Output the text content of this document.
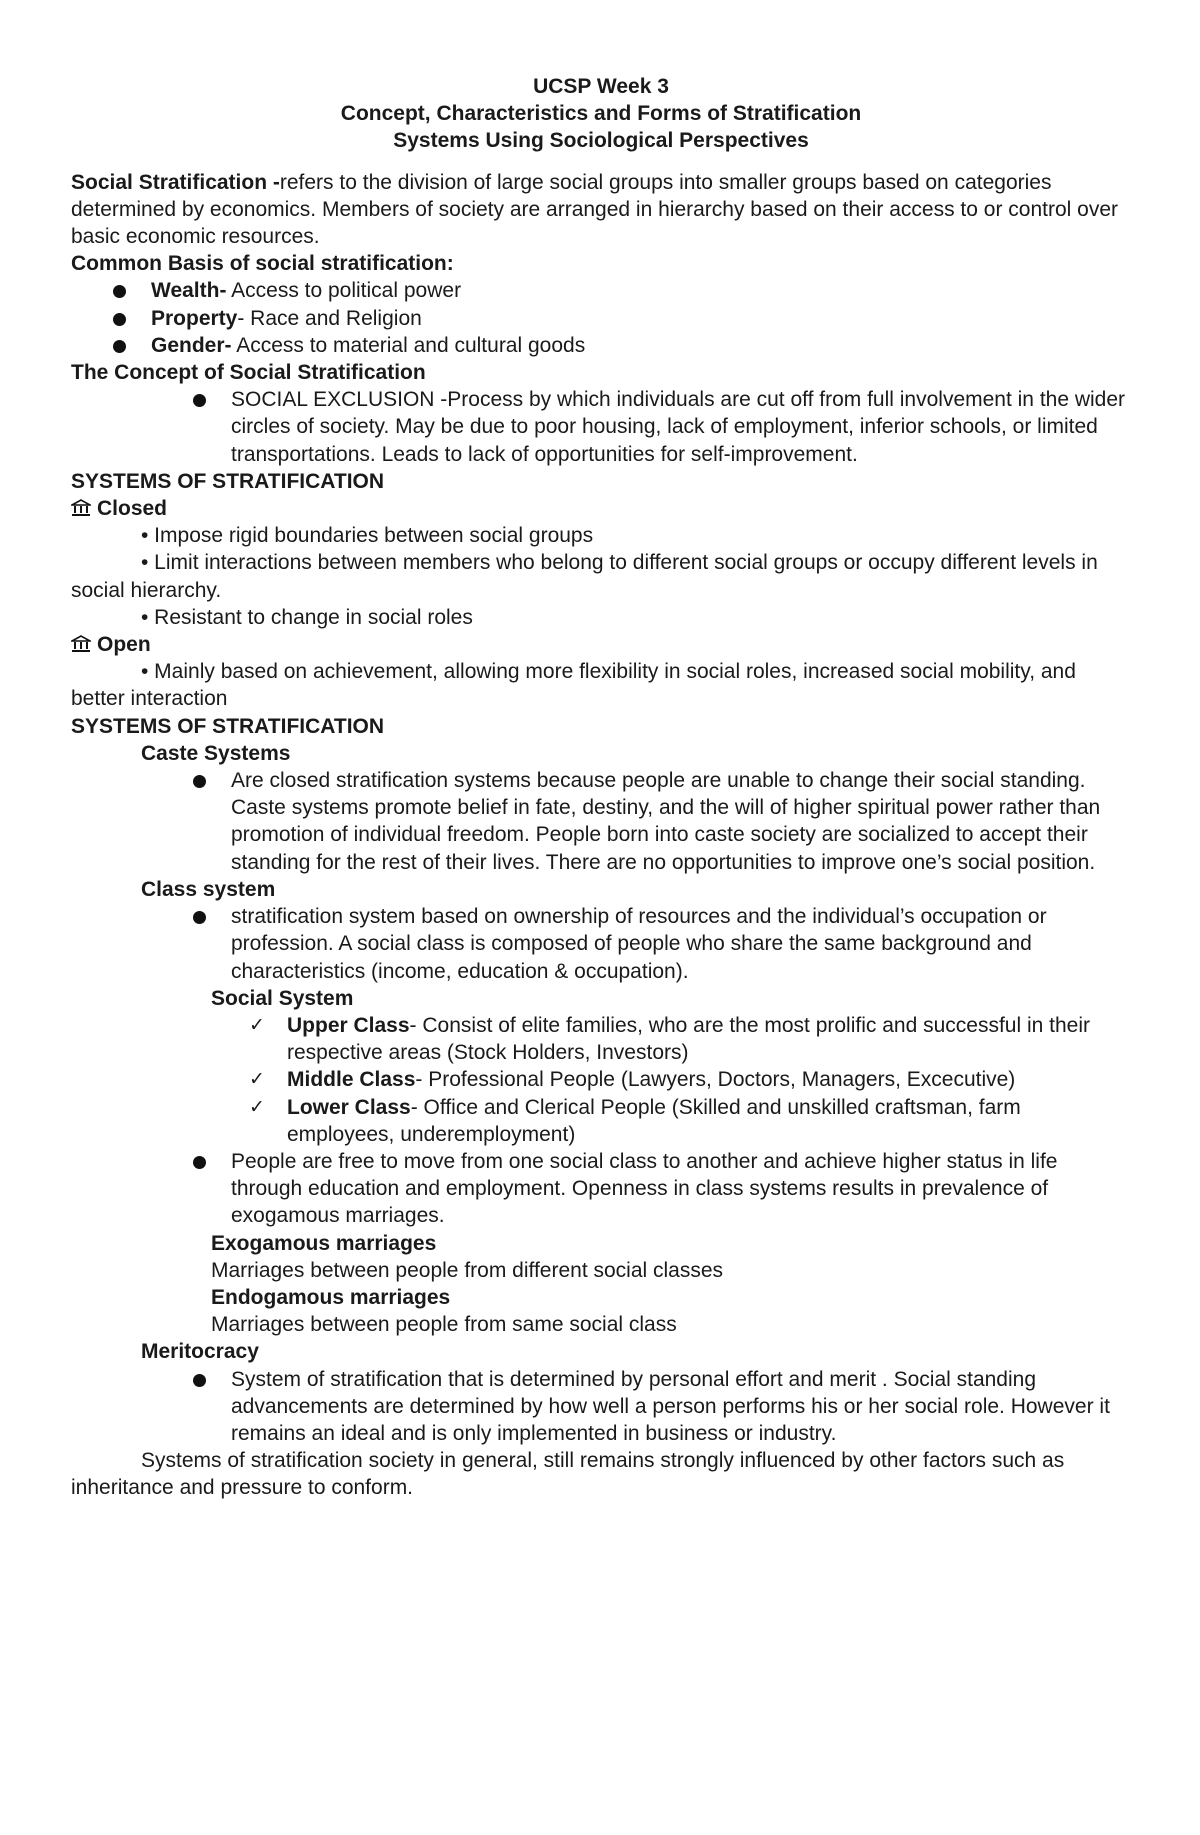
UCSP Week 3
Concept, Characteristics and Forms of Stratification
Systems Using Sociological Perspectives

Social Stratification -refers to the division of large social groups into smaller groups based on categories determined by economics. Members of society are arranged in hierarchy based on their access to or control over

basic economic resources.

Common Basis of social stratification:

Wealth- Access to political power
Property- Race and Religion
Gender- Access to material and cultural goods

The Concept of Social Stratification

SOCIAL EXCLUSION -Process by which individuals are cut off from full involvement in the wider circles of society. May be due to poor housing, lack of employment, inferior schools, or limited transportations. Leads to lack of opportunities for self-improvement.

SYSTEMS OF STRATIFICATION

Closed

• Impose rigid boundaries between social groups

• Limit interactions between members who belong to different social groups or occupy different levels in social hierarchy.

• Resistant to change in social roles

Open

• Mainly based on achievement, allowing more flexibility in social roles, increased social mobility, and better interaction

SYSTEMS OF STRATIFICATION

Caste Systems

Are closed stratification systems because people are unable to change their social standing. Caste systems promote belief in fate, destiny, and the will of higher spiritual power rather than promotion of individual freedom. People born into caste society are socialized to accept their standing for the rest of their lives. There are no opportunities to improve one’s social position.

Class system

stratification system based on ownership of resources and the individual’s occupation or profession. A social class is composed of people who share the same background and characteristics (income, education & occupation).

Social System

✓ Upper Class- Consist of elite families, who are the most prolific and successful in their respective areas (Stock Holders, Investors)
✓ Middle Class- Professional People (Lawyers, Doctors, Managers, Excecutive)
✓ Lower Class- Office and Clerical People (Skilled and unskilled craftsman, farm employees, underemployment)
People are free to move from one social class to another and achieve higher status in life through education and employment. Openness in class systems results in prevalence of exogamous marriages.

Exogamous marriages

Marriages between people from different social classes

Endogamous marriages

Marriages between people from same social class

Meritocracy

System of stratification that is determined by personal effort and merit . Social standing advancements are determined by how well a person performs his or her social role. However it remains an ideal and is only implemented in business or industry.

Systems of stratification society in general, still remains strongly influenced by other factors such as inheritance and pressure to conform.
